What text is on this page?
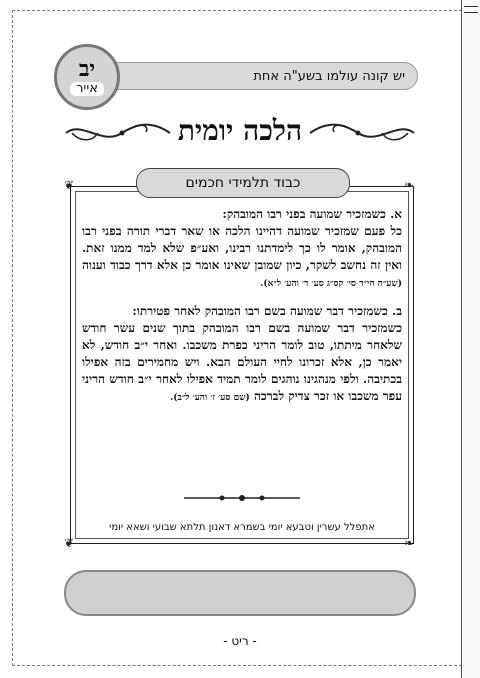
יש קונה עולמו בשע"ה אחת
יב
אייר
הלכה יומית
❦	❧
❦	❧
כבוד תלמידי חכמים

א. כשמזכיר שמועה בפני רבו המובהק:
כל פעם שמזכיר שמועה דהיינו הלכה או שאר דברי תורה בפני רבו המובהק, אומר לו כך לימדתנו רבינו, ואע״פ שלא למד ממנו זאת. ואין זה נחשב לשקר, כיון שמובן שאינו אומר כן אלא דרך כבוד וענוה (שע״ה חי״ד סי׳ קס״ג סע׳ ד׳ והע׳ ל״א).

ב. כשמזכיר דבר שמועה בשם רבו המובהק לאחר פטירתו:
כשמזכיר דבר שמועה בשם רבו המובהק בתוך שנים עשר חודש שלאחר מיתתו, טוב לומר הריני כפרת משכבו. ואחר י״ב חודש, לא יאמר כן, אלא זכרונו לחיי העולם הבא. ויש מחמירים בזה אפילו בכתיבה. ולפי מנהגינו נוהגים לומר תמיד אפילו לאחר י״ב חודש הריני עפר משכבו או זכר צדיק לברכה (שם סע׳ ז׳ והע׳ ל״ב).

אתפלל עשרין וטבעא יומי בשמרא דאנון תלתא שבועי ושאא יומי
- ריט -
